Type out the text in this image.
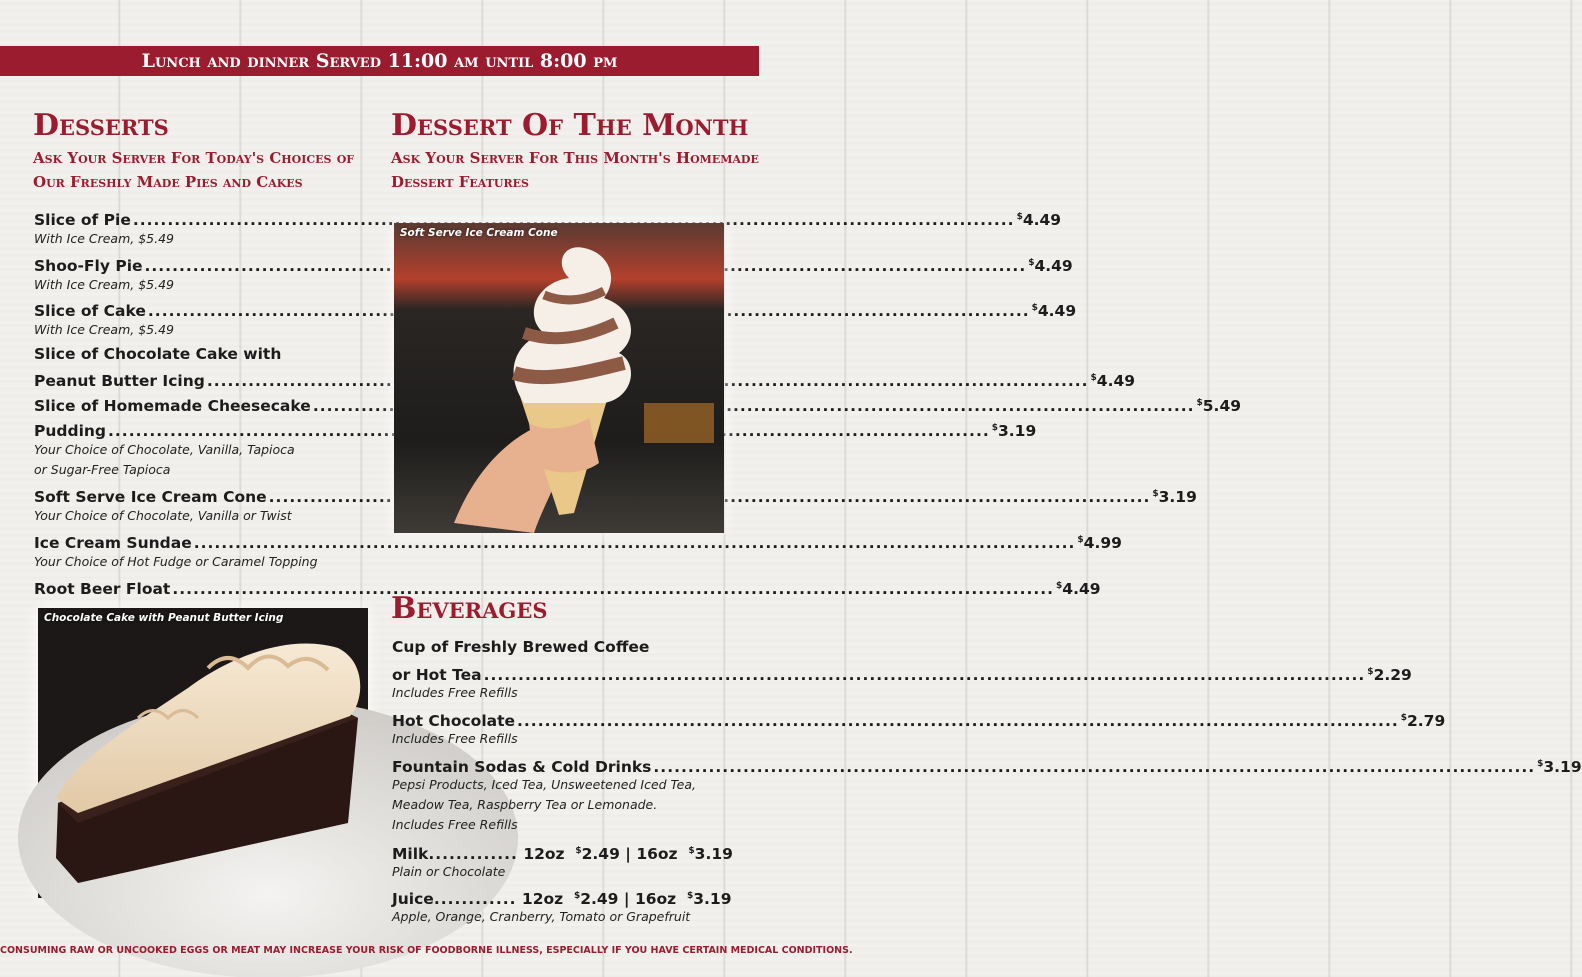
Lunch and dinner Served 11:00 am until 8:00 pm
Desserts
Ask Your Server For Today's Choices of
Our Freshly Made Pies and Cakes
Slice of Pie .....	$4.49
With Ice Cream, $5.49
Shoo-Fly Pie .....	$4.49
With Ice Cream, $5.49
Slice of Cake .....	$4.49
With Ice Cream, $5.49
Slice of Chocolate Cake with
Peanut Butter Icing .....	$4.49
Slice of Homemade Cheesecake .....	$5.49
Pudding .....	$3.19
Your Choice of Chocolate, Vanilla, Tapioca
or Sugar-Free Tapioca
Soft Serve Ice Cream Cone .....	$3.19
Your Choice of Chocolate, Vanilla or Twist
Ice Cream Sundae .....	$4.99
Your Choice of Hot Fudge or Caramel Topping
Root Beer Float .....	$4.49
Chocolate Cake with Peanut Butter Icing
Dessert Of The Month
Ask Your Server For This Month's Homemade
Dessert Features
Soft Serve Ice Cream Cone
Beverages
Cup of Freshly Brewed Coffee
or Hot Tea .....	$2.29
Includes Free Refills
Hot Chocolate .....	$2.79
Includes Free Refills
Fountain Sodas & Cold Drinks .....	$3.19
Pepsi Products, Iced Tea, Unsweetened Iced Tea,
Meadow Tea, Raspberry Tea or Lemonade.
Includes Free Refills
Milk............. 12oz $2.49 | 16oz $3.19
Plain or Chocolate
Juice............ 12oz $2.49 | 16oz $3.19
Apple, Orange, Cranberry, Tomato or Grapefruit
CONSUMING RAW OR UNCOOKED EGGS OR MEAT MAY INCREASE YOUR RISK OF FOODBORNE ILLNESS, ESPECIALLY IF YOU HAVE CERTAIN MEDICAL CONDITIONS.
